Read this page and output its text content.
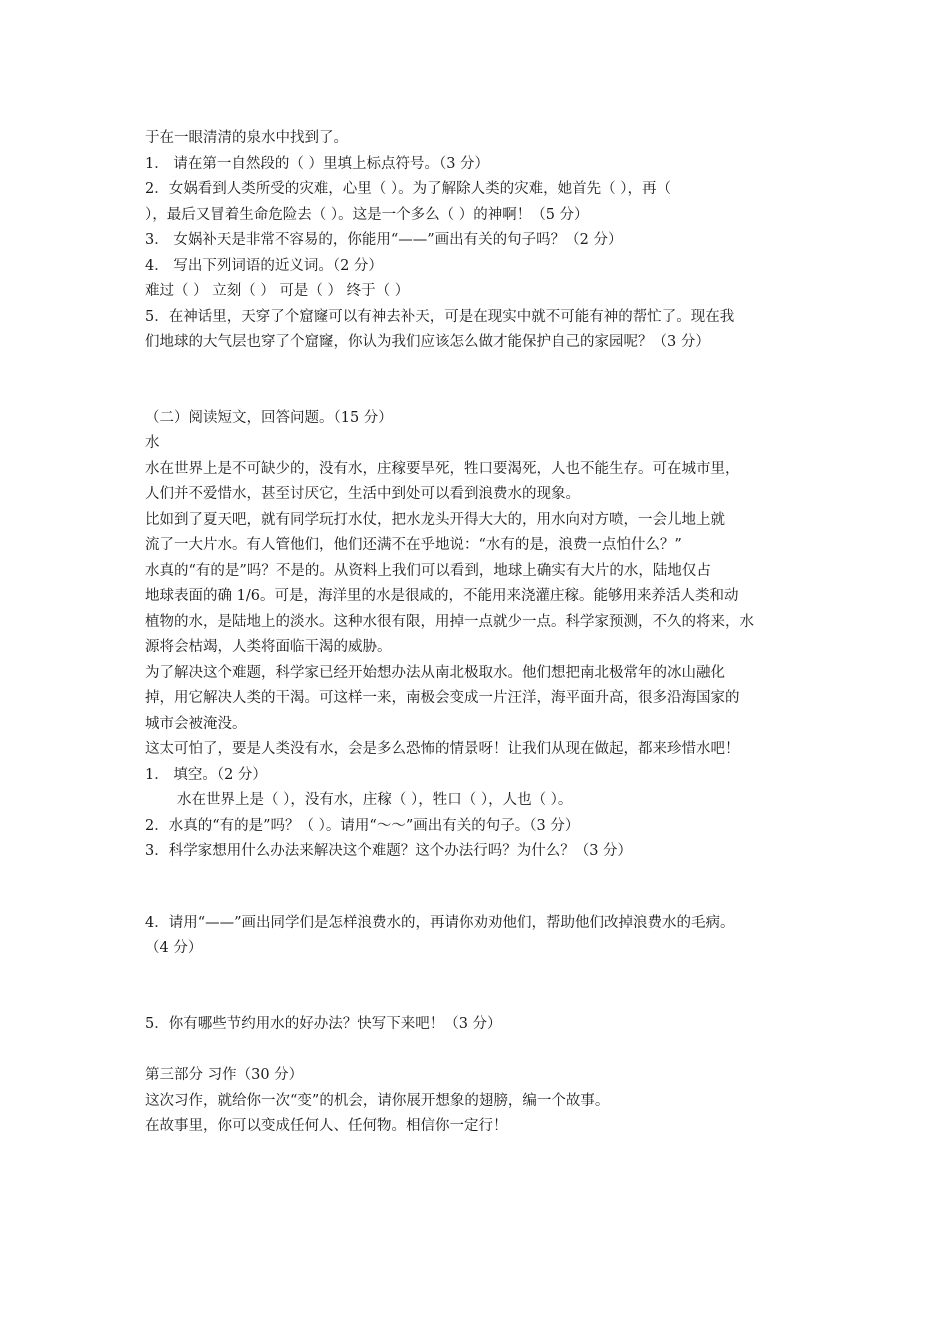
于在一眼清清的泉水中找到了。
1． 请在第一自然段的（ ）里填上标点符号。（3 分）
2．女娲看到人类所受的灾难，心里（ ）。为了解除人类的灾难，她首先（ ），再（
），最后又冒着生命危险去（ ）。这是一个多么（ ）的神啊！（5 分）
3． 女娲补天是非常不容易的，你能用“——”画出有关的句子吗？（2 分）
4． 写出下列词语的近义词。（2 分）
难过（ ） 立刻（ ） 可是（ ） 终于（ ）
5．在神话里，天穿了个窟窿可以有神去补天，可是在现实中就不可能有神的帮忙了。现在我
们地球的大气层也穿了个窟窿，你认为我们应该怎么做才能保护自己的家园呢？（3 分）
（二）阅读短文，回答问题。（15 分）
水
水在世界上是不可缺少的，没有水，庄稼要旱死，牲口要渴死，人也不能生存。可在城市里，
人们并不爱惜水，甚至讨厌它，生活中到处可以看到浪费水的现象。
比如到了夏天吧，就有同学玩打水仗，把水龙头开得大大的，用水向对方喷，一会儿地上就
流了一大片水。有人管他们，他们还满不在乎地说：“水有的是，浪费一点怕什么？”
水真的“有的是”吗？不是的。从资料上我们可以看到，地球上确实有大片的水，陆地仅占
地球表面的确 1/6。可是，海洋里的水是很咸的，不能用来浇灌庄稼。能够用来养活人类和动
植物的水，是陆地上的淡水。这种水很有限，用掉一点就少一点。科学家预测，不久的将来，水
源将会枯竭，人类将面临干渴的威胁。
为了解决这个难题，科学家已经开始想办法从南北极取水。他们想把南北极常年的冰山融化
掉，用它解决人类的干渴。可这样一来，南极会变成一片汪洋，海平面升高，很多沿海国家的
城市会被淹没。
这太可怕了，要是人类没有水，会是多么恐怖的情景呀！让我们从现在做起，都来珍惜水吧！
1． 填空。（2 分）
水在世界上是（ ），没有水，庄稼（ ），牲口（ ），人也（ ）。
2．水真的“有的是”吗？（ ）。请用“～～”画出有关的句子。（3 分）
3．科学家想用什么办法来解决这个难题？这个办法行吗？为什么？（3 分）
4．请用“——”画出同学们是怎样浪费水的，再请你劝劝他们，帮助他们改掉浪费水的毛病。
（4 分）
5．你有哪些节约用水的好办法？快写下来吧！（3 分）
第三部分 习作（30 分）
这次习作，就给你一次“变”的机会，请你展开想象的翅膀，编一个故事。
在故事里，你可以变成任何人、任何物。相信你一定行！
